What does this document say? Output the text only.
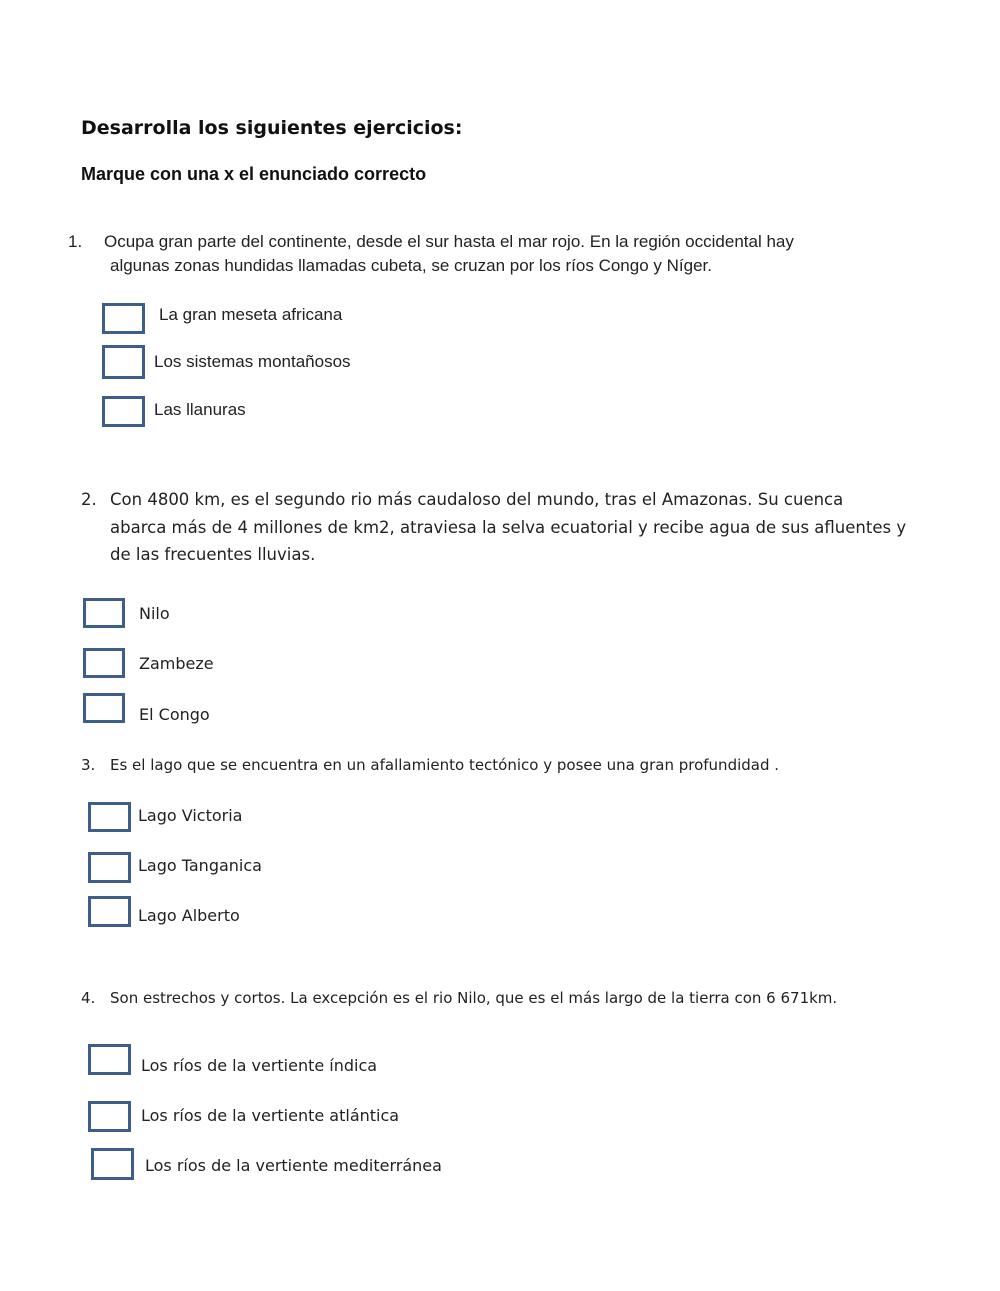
Desarrolla los siguientes ejercicios:
Marque con una x el enunciado correcto
1. Ocupa gran parte del continente, desde el sur hasta el mar rojo. En la región occidental hay
algunas zonas hundidas llamadas cubeta, se cruzan por los ríos Congo y Níger.
La gran meseta africana
Los sistemas montañosos
Las llanuras
2. Con 4800 km, es el segundo rio más caudaloso del mundo, tras el Amazonas. Su cuenca
abarca más de 4 millones de km2, atraviesa la selva ecuatorial y recibe agua de sus afluentes y
de las frecuentes lluvias.
Nilo
Zambeze
El Congo
3. Es el lago que se encuentra en un afallamiento tectónico y posee una gran profundidad .
Lago Victoria
Lago Tanganica
Lago Alberto
4. Son estrechos y cortos. La excepción es el rio Nilo, que es el más largo de la tierra con 6 671km.
Los ríos de la vertiente índica
Los ríos de la vertiente atlántica
Los ríos de la vertiente mediterránea
